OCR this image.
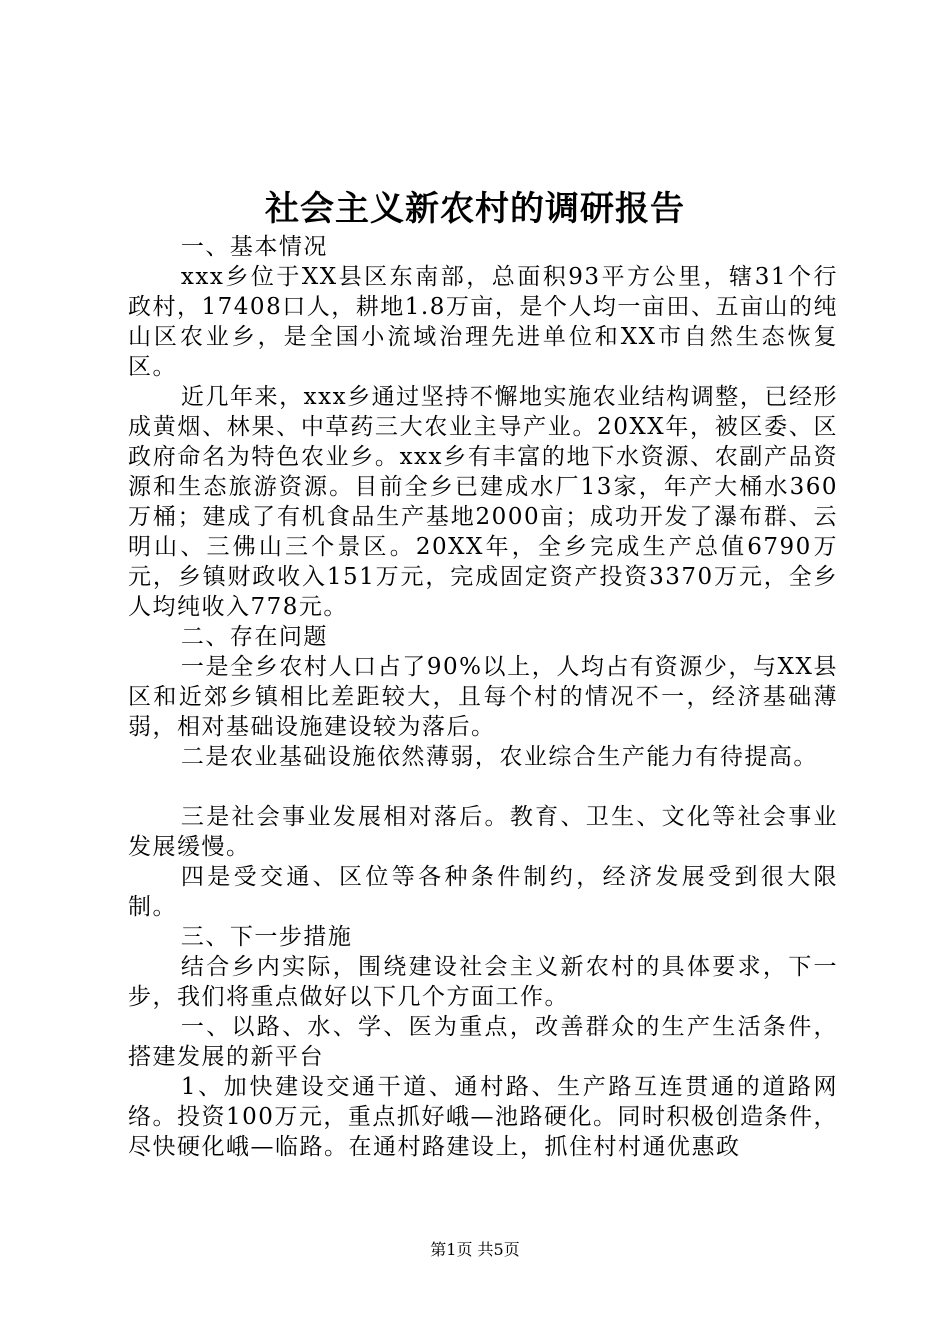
社会主义新农村的调研报告

一、基本情况

xxx乡位于XX县区东南部，总面积93平方公里，辖31个行政村，17408口人，耕地1.8万亩，是个人均一亩田、五亩山的纯山区农业乡，是全国小流域治理先进单位和XX市自然生态恢复区。

近几年来，xxx乡通过坚持不懈地实施农业结构调整，已经形成黄烟、林果、中草药三大农业主导产业。20XX年，被区委、区政府命名为特色农业乡。xxx乡有丰富的地下水资源、农副产品资源和生态旅游资源。目前全乡已建成水厂13家，年产大桶水360万桶；建成了有机食品生产基地2000亩；成功开发了瀑布群、云明山、三佛山三个景区。20XX年，全乡完成生产总值6790万元，乡镇财政收入151万元，完成固定资产投资3370万元，全乡人均纯收入778元。

二、存在问题

一是全乡农村人口占了90%以上，人均占有资源少，与XX县区和近郊乡镇相比差距较大，且每个村的情况不一，经济基础薄弱，相对基础设施建设较为落后。

二是农业基础设施依然薄弱，农业综合生产能力有待提高。

三是社会事业发展相对落后。教育、卫生、文化等社会事业发展缓慢。

四是受交通、区位等各种条件制约，经济发展受到很大限制。

三、下一步措施

结合乡内实际，围绕建设社会主义新农村的具体要求，下一步，我们将重点做好以下几个方面工作。

一、以路、水、学、医为重点，改善群众的生产生活条件，搭建发展的新平台

1、加快建设交通干道、通村路、生产路互连贯通的道路网络。投资100万元，重点抓好峨—池路硬化。同时积极创造条件，尽快硬化峨—临路。在通村路建设上，抓住村村通优惠政

第1页 共5页
